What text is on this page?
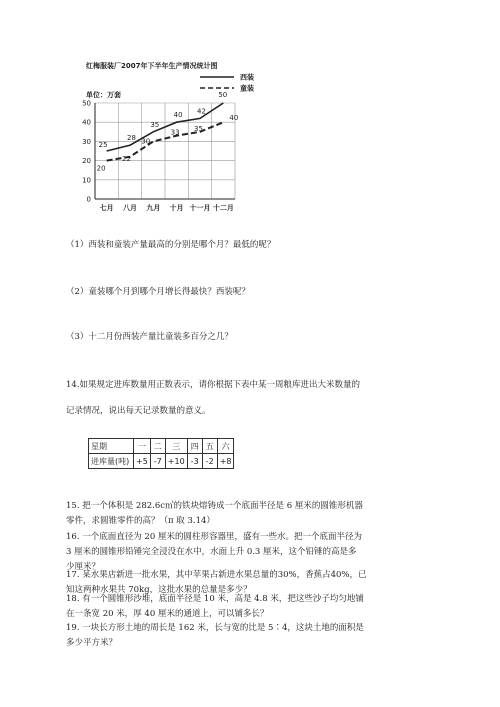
红梅服装厂2007年下半年生产情况统计图
单位：万套
25
28
35
40 42
50
20
22
30
33 35
40
0
10
20
30
40
50
七月 八月 九月 十月 十一月 十二月
西装
童装
（1）西装和童装产量最高的分别是哪个月？最低的呢？
（2）童装哪个月到哪个月增长得最快？西装呢？
（3）十二月份西装产量比童装多百分之几？
14.如果规定进库数量用正数表示，请你根据下表中某一周粮库进出大米数量的
记录情况，说出每天记录数量的意义。
星期	一	二	三	四	五	六
进库量(吨)	+5	-7	+10	-3	-2	+8
15. 把一个体积是 282.6c㎡的铁块熔铸成一个底面半径是 6 厘米的圆锥形机器
零件，求圆锥零件的高？（π 取 3.14）
16. 一个底面直径为 20 厘米的圆柱形容器里，盛有一些水。把一个底面半径为
3 厘米的圆锥形铅锤完全浸没在水中，水面上升 0.3 厘米，这个铅锤的高是多
少厘米？
17. 某水果店新进一批水果，其中苹果占新进水果总量的30%，香蕉占40%，已
知这两种水果共 70kg，这批水果的总量是多少？
18. 有一个圆锥形沙堆，底面半径是 10 米，高是 4.8 米，把这些沙子均匀地铺
在一条宽 20 米，厚 40 厘米的通道上，可以铺多长？
19. 一块长方形土地的周长是 162 米，长与宽的比是 5∶4，这块土地的面积是
多少平方米？
